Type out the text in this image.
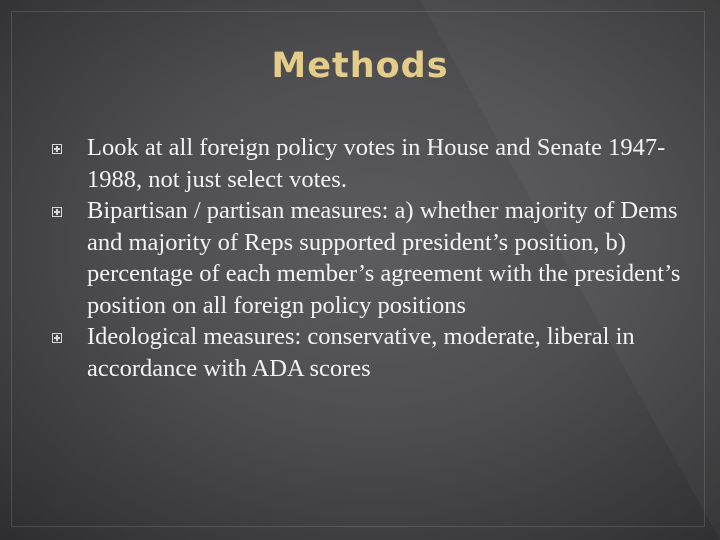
Methods
Look at all foreign policy votes in House and Senate 1947-1988, not just select votes.
Bipartisan / partisan measures: a) whether majority of Dems and majority of Reps supported president’s position, b) percentage of each member’s agreement with the president’s position on all foreign policy positions
Ideological measures: conservative, moderate, liberal in accordance with ADA scores
